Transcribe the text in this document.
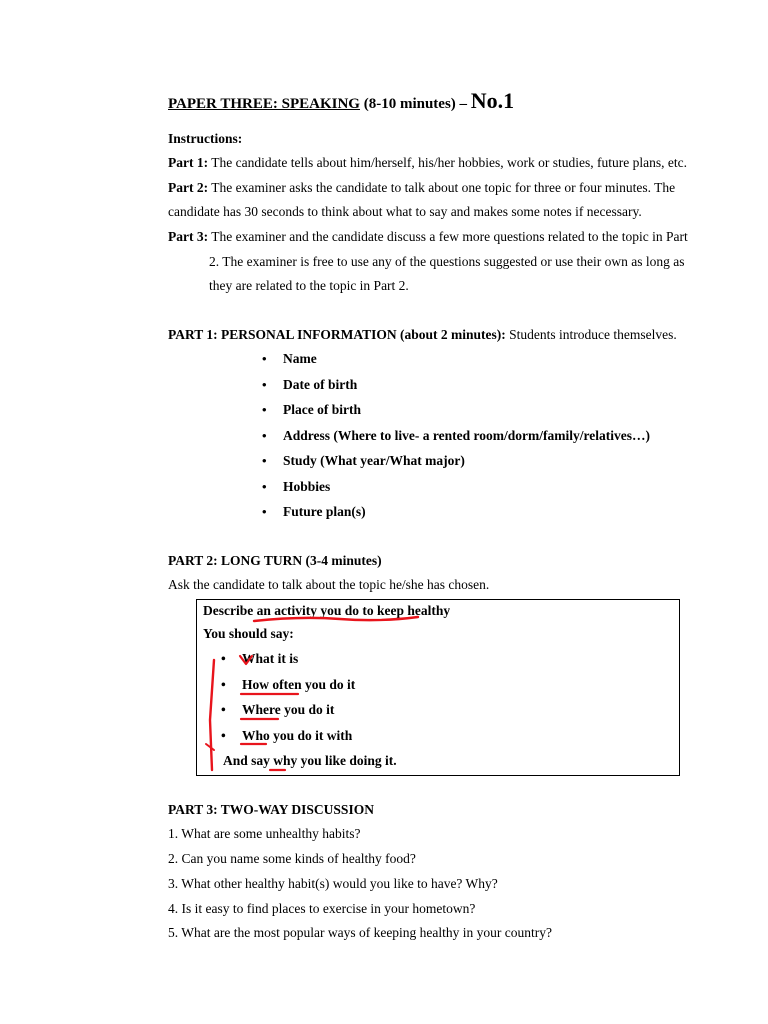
PAPER THREE: SPEAKING (8-10 minutes) – No.1
Instructions:
Part 1: The candidate tells about him/herself, his/her hobbies, work or studies, future plans, etc.
Part 2: The examiner asks the candidate to talk about one topic for three or four minutes. The
candidate has 30 seconds to think about what to say and makes some notes if necessary.
Part 3: The examiner and the candidate discuss a few more questions related to the topic in Part
2. The examiner is free to use any of the questions suggested or use their own as long as
they are related to the topic in Part 2.
PART 1: PERSONAL INFORMATION (about 2 minutes): Students introduce themselves.
• Name
• Date of birth
• Place of birth
• Address (Where to live- a rented room/dorm/family/relatives…)
• Study (What year/What major)
• Hobbies
• Future plan(s)
PART 2: LONG TURN (3-4 minutes)
Ask the candidate to talk about the topic he/she has chosen.
Describe an activity you do to keep healthy
You should say:
• What it is
• How often you do it
• Where you do it
• Who you do it with
And say why you like doing it.
PART 3: TWO-WAY DISCUSSION
1. What are some unhealthy habits?
2. Can you name some kinds of healthy food?
3. What other healthy habit(s) would you like to have? Why?
4. Is it easy to find places to exercise in your hometown?
5. What are the most popular ways of keeping healthy in your country?
